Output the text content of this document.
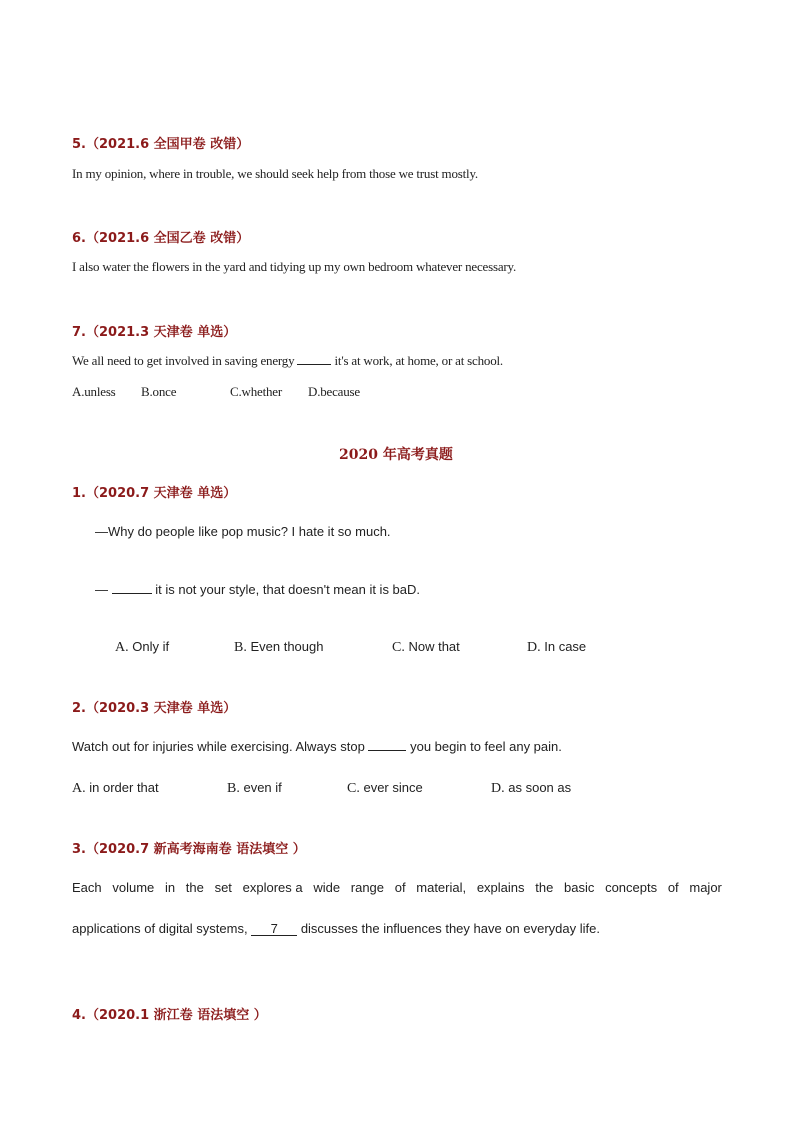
5.（2021.6 全国甲卷 改错）
In my opinion, where in trouble, we should seek help from those we trust mostly.
6.（2021.6 全国乙卷 改错）
I also water the flowers in the yard and tidying up my own bedroom whatever necessary.
7.（2021.3 天津卷 单选）
We all need to get involved in saving energy	it's at work, at home, or at school.
A.unless B.once	C.whether D.because
2020 年高考真题
1.（2020.7 天津卷 单选）
—Why do people like pop music? I hate it so much.
—	it is not your style, that doesn't mean it is baD.
A. Only if	B. Even though	C. Now that	D. In case
2.（2020.3 天津卷 单选）
Watch out for injuries while exercising. Always stop	you begin to feel any pain.
A. in order that	B. even if	C. ever since	D. as soon as
3.（2020.7 新高考海南卷 语法填空 ）
Each volume in the set explores a wide range of material, explains the basic concepts of major
applications of digital systems, 7 discusses the influences they have on everyday life.
4.（2020.1 浙江卷 语法填空 ）
